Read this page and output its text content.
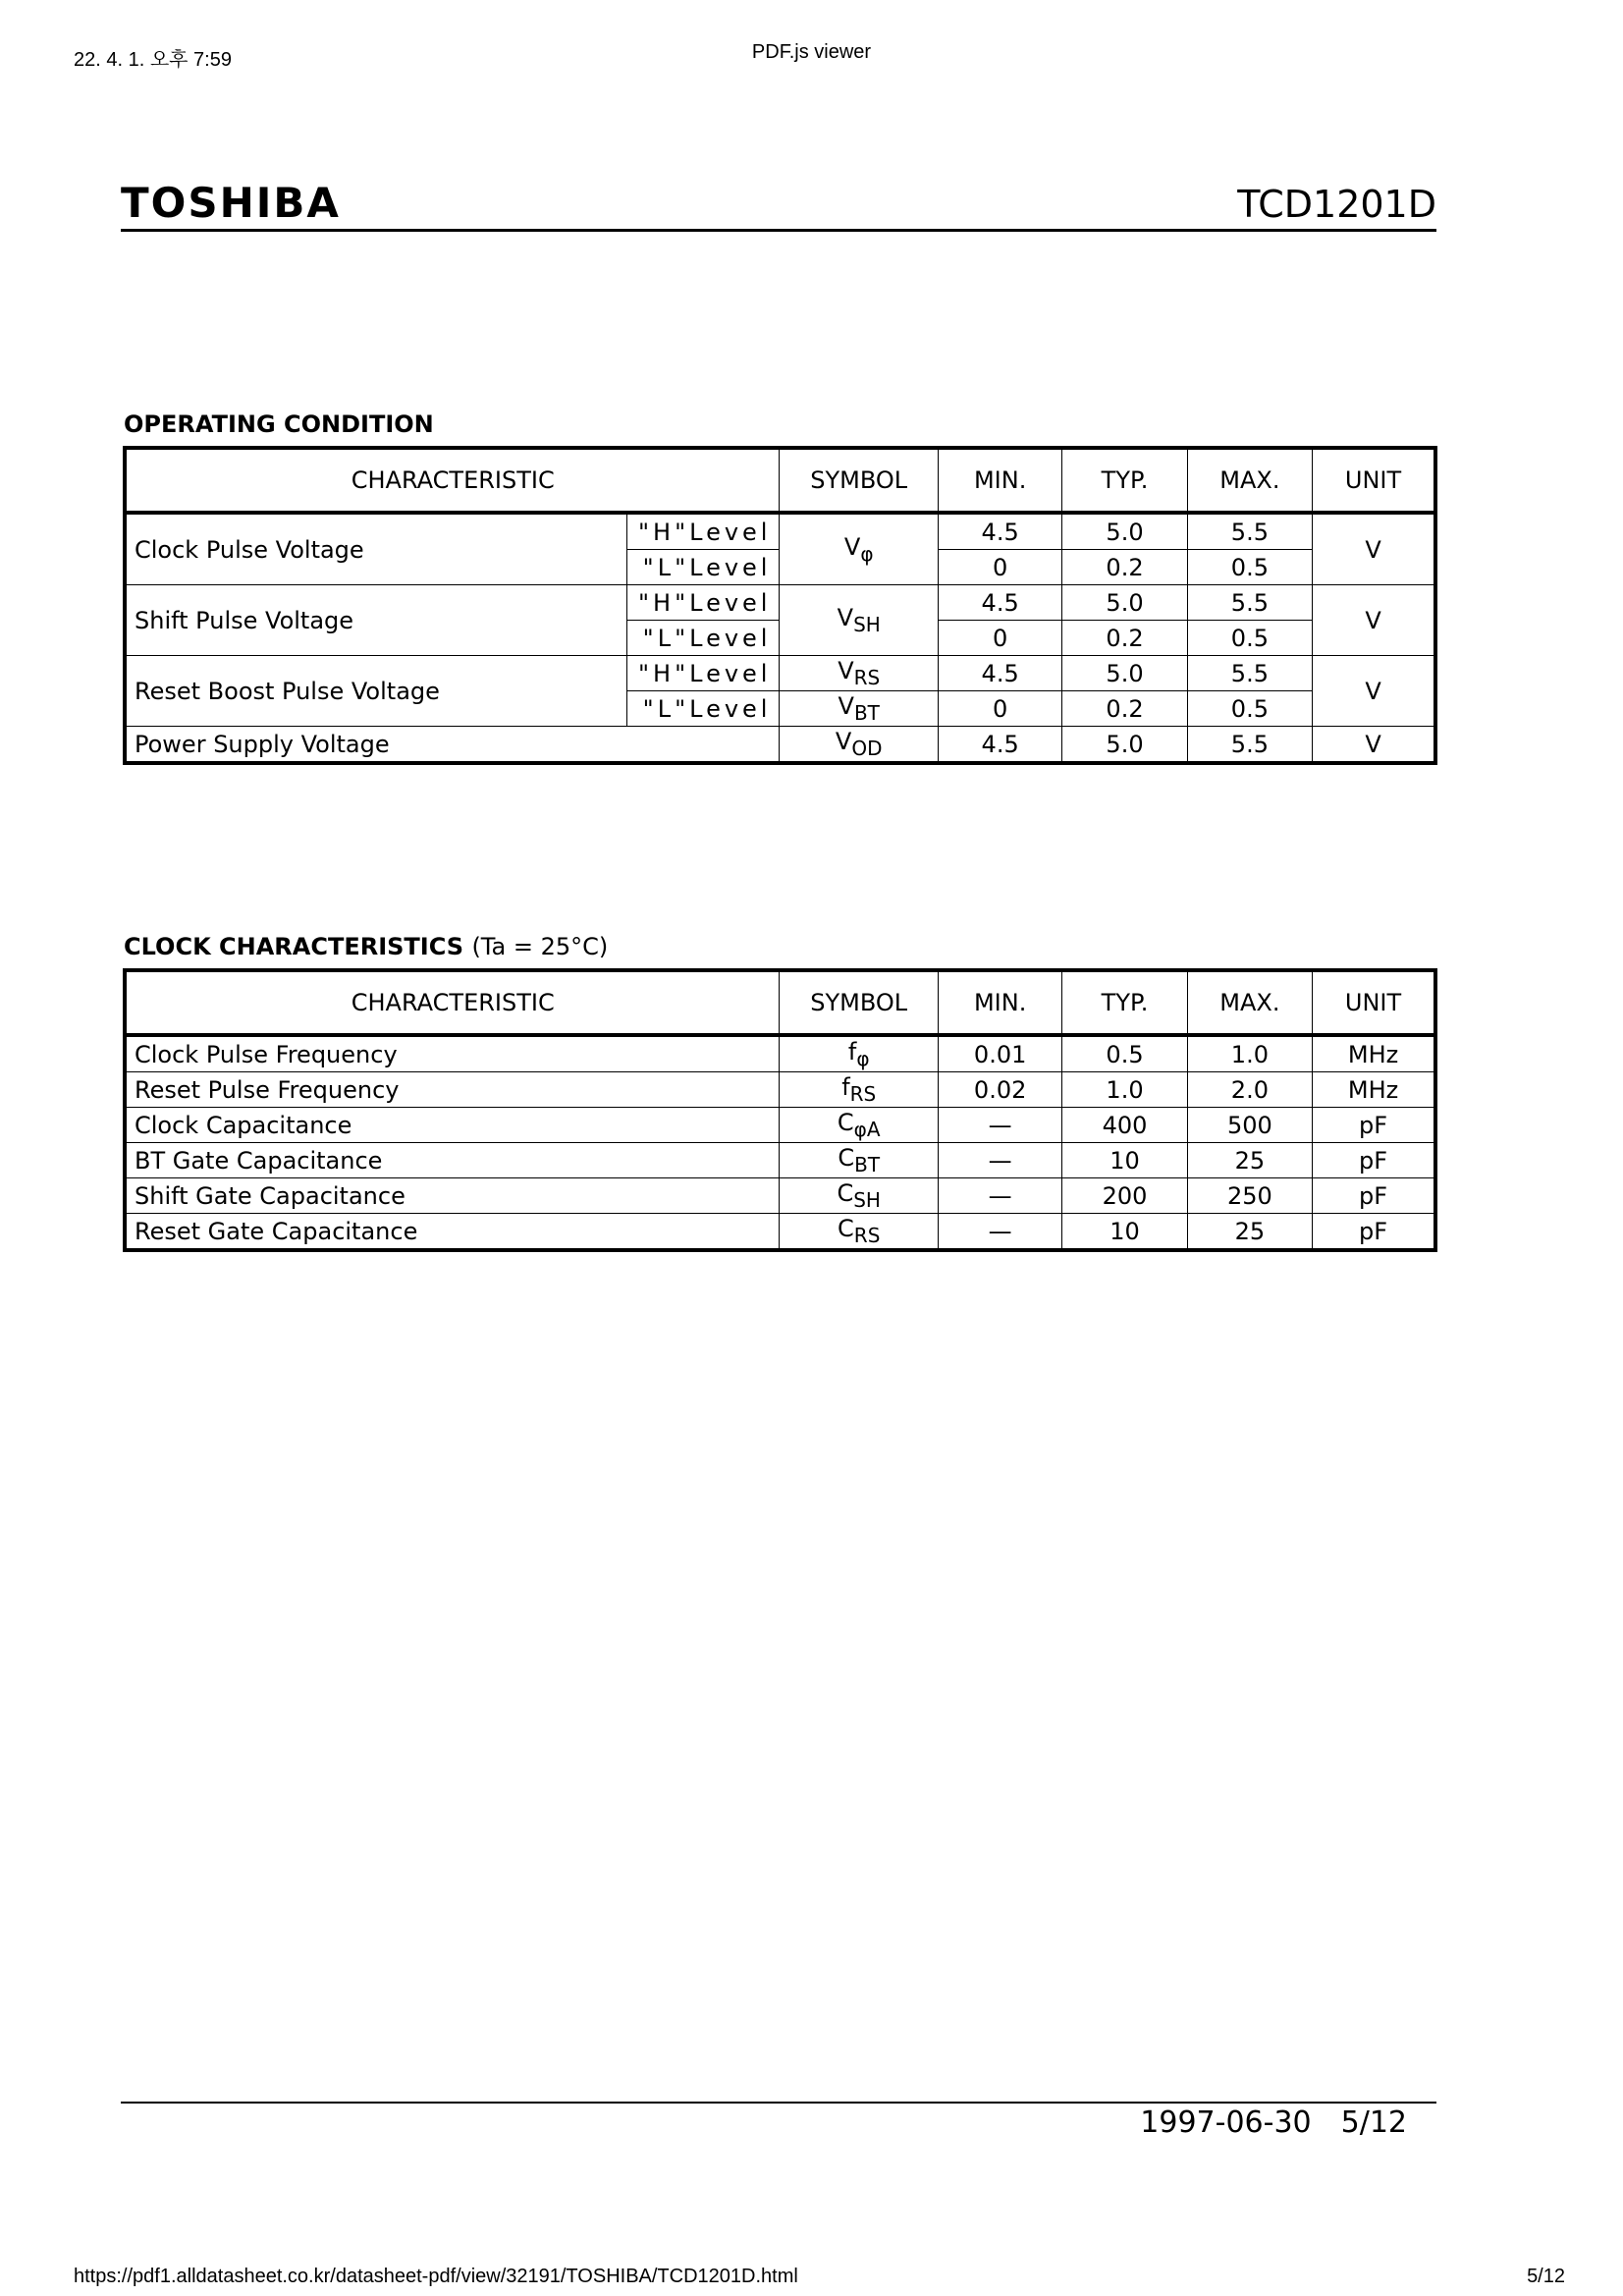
22. 4. 1. 오후 7:59	PDF.js viewer
TOSHIBA	TCD1201D
OPERATING CONDITION
CHARACTERISTIC		SYMBOL	MIN.	TYP.	MAX.	UNIT
Clock Pulse Voltage	"H"Level	$V_\varphi$	4.5	5.0	5.5	V
	"L"Level		0	0.2	0.5	
Shift Pulse Voltage	"H"Level	$V_{SH}$	4.5	5.0	5.5	V
	"L"Level		0	0.2	0.5	
Reset Boost Pulse Voltage	"H"Level	$V_{RS}$	4.5	5.0	5.5	V
	"L"Level	$V_{BT}$	0	0.2	0.5	
Power Supply Voltage		$V_{OD}$	4.5	5.0	5.5	V
CLOCK CHARACTERISTICS (Ta = 25°C)
CHARACTERISTIC	SYMBOL	MIN.	TYP.	MAX.	UNIT
Clock Pulse Frequency	$f_\varphi$	0.01	0.5	1.0	MHz
Reset Pulse Frequency	$f_{RS}$	0.02	1.0	2.0	MHz
Clock Capacitance	$C_{\varphi A}$	—	400	500	pF
BT Gate Capacitance	$C_{BT}$	—	10	25	pF
Shift Gate Capacitance	$C_{SH}$	—	200	250	pF
Reset Gate Capacitance	$C_{RS}$	—	10	25	pF
1997-06-30 5/12
https://pdf1.alldatasheet.co.kr/datasheet-pdf/view/32191/TOSHIBA/TCD1201D.html	5/12
